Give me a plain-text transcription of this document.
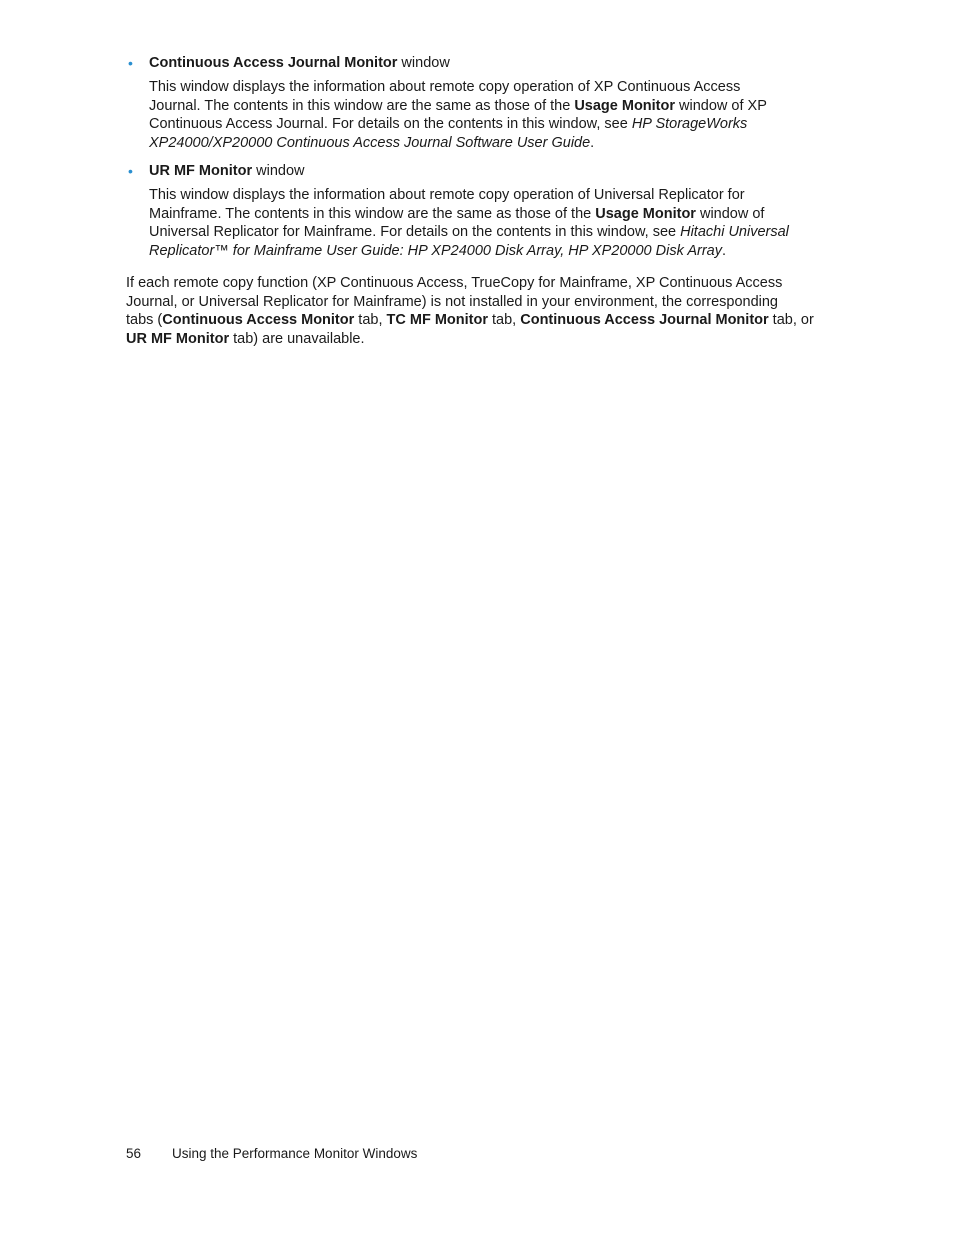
• Continuous Access Journal Monitor window
This window displays the information about remote copy operation of XP Continuous Access
Journal. The contents in this window are the same as those of the Usage Monitor window of XP
Continuous Access Journal. For details on the contents in this window, see HP StorageWorks
XP24000/XP20000 Continuous Access Journal Software User Guide.
• UR MF Monitor window
This window displays the information about remote copy operation of Universal Replicator for
Mainframe. The contents in this window are the same as those of the Usage Monitor window of
Universal Replicator for Mainframe. For details on the contents in this window, see Hitachi Universal
Replicator™ for Mainframe User Guide: HP XP24000 Disk Array, HP XP20000 Disk Array.
If each remote copy function (XP Continuous Access, TrueCopy for Mainframe, XP Continuous Access
Journal, or Universal Replicator for Mainframe) is not installed in your environment, the corresponding
tabs (Continuous Access Monitor tab, TC MF Monitor tab, Continuous Access Journal Monitor tab, or
UR MF Monitor tab) are unavailable.
56 Using the Performance Monitor Windows
